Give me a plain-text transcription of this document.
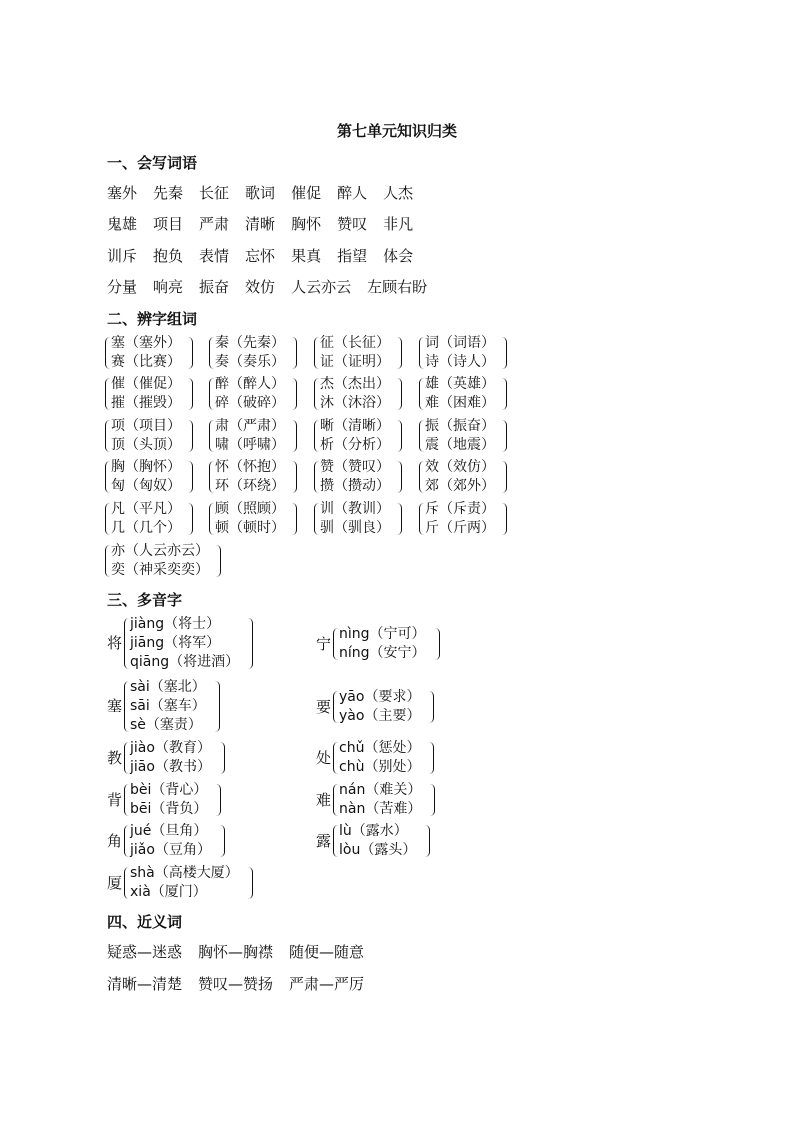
第七单元知识归类
一、会写词语
塞外 先秦 长征 歌词 催促 醉人 人杰
鬼雄 项目 严肃 清晰 胸怀 赞叹 非凡
训斥 抱负 表情 忘怀 果真 指望 体会
分量 响亮 振奋 效仿 人云亦云 左顾右盼
二、辨字组词
塞（塞外）
赛（比赛）
秦（先秦）
奏（奏乐）
征（长征）
证（证明）
词（词语）
诗（诗人）
催（催促）
摧（摧毁）
醉（醉人）
碎（破碎）
杰（杰出）
沐（沐浴）
雄（英雄）
难（困难）
项（项目）
顶（头顶）
肃（严肃）
啸（呼啸）
晰（清晰）
析（分析）
振（振奋）
震（地震）
胸（胸怀）
匈（匈奴）
怀（怀抱）
环（环绕）
赞（赞叹）
攒（攒动）
效（效仿）
郊（郊外）
凡（平凡）
几（几个）
顾（照顾）
顿（顿时）
训（教训）
驯（驯良）
斥（斥责）
斤（斤两）
亦（人云亦云）
奕（神采奕奕）
三、多音字
将
jiàng（将士）
jiāng（将军）
qiāng（将进酒）
塞
sài（塞北）
sāi（塞车）
sè（塞责）
教
jiào（教育）
jiāo（教书）
背
bèi（背心）
bēi（背负）
角
jué（旦角）
jiǎo（豆角）
厦
shà（高楼大厦）
xià（厦门）
宁
nìng（宁可）
níng（安宁）
要
yāo（要求）
yào（主要）
处
chǔ（惩处）
chù（别处）
难
nán（难关）
nàn（苦难）
露
lù（露水）
lòu（露头）
四、近义词
疑惑—迷惑 胸怀—胸襟 随便—随意
清晰—清楚 赞叹—赞扬 严肃—严厉
